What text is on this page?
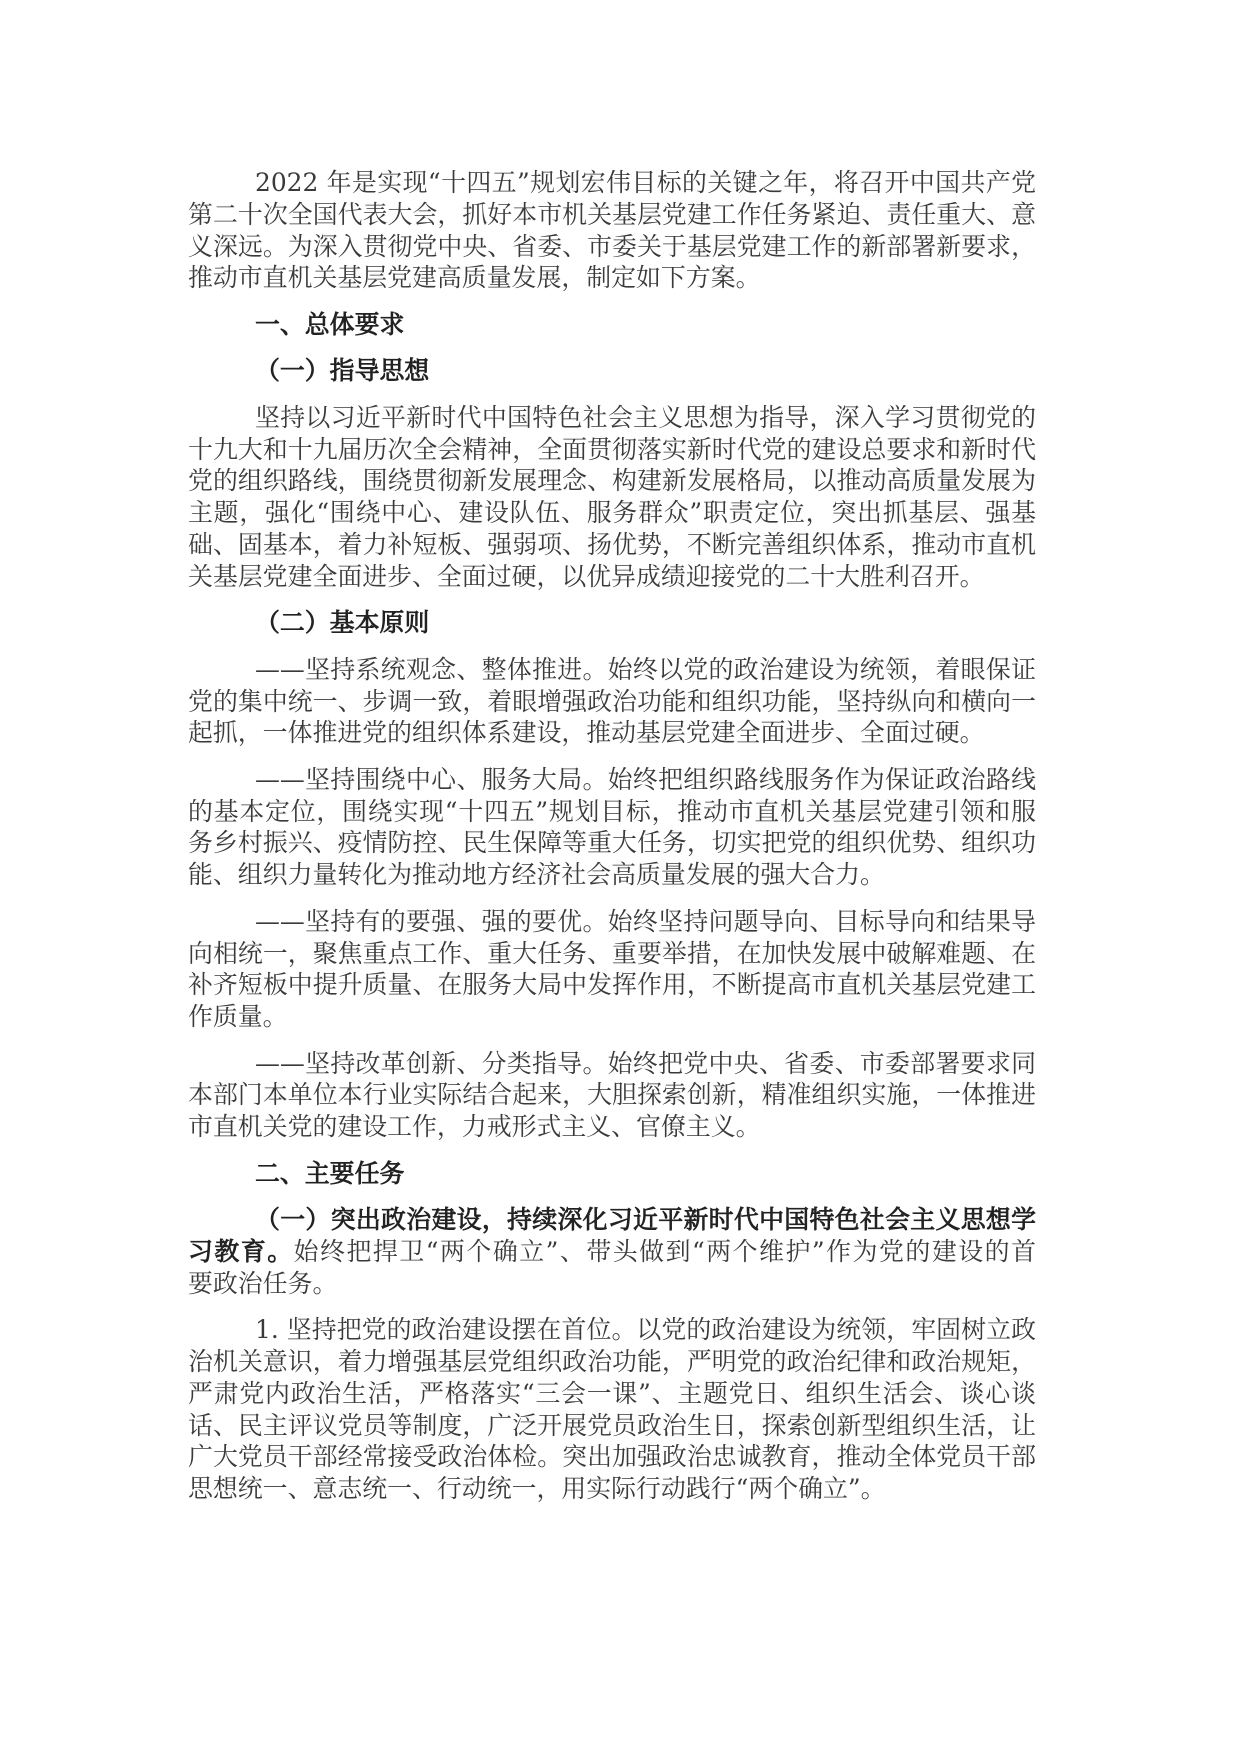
2022 年是实现“十四五”规划宏伟目标的关键之年，将召开中国共产党
第二十次全国代表大会，抓好本市机关基层党建工作任务紧迫、责任重大、意
义深远。为深入贯彻党中央、省委、市委关于基层党建工作的新部署新要求，
推动市直机关基层党建高质量发展，制定如下方案。
一、总体要求
（一）指导思想
坚持以习近平新时代中国特色社会主义思想为指导，深入学习贯彻党的
十九大和十九届历次全会精神，全面贯彻落实新时代党的建设总要求和新时代
党的组织路线，围绕贯彻新发展理念、构建新发展格局，以推动高质量发展为
主题，强化“围绕中心、建设队伍、服务群众”职责定位，突出抓基层、强基
础、固基本，着力补短板、强弱项、扬优势，不断完善组织体系，推动市直机
关基层党建全面进步、全面过硬，以优异成绩迎接党的二十大胜利召开。
（二）基本原则
——坚持系统观念、整体推进。始终以党的政治建设为统领，着眼保证
党的集中统一、步调一致，着眼增强政治功能和组织功能，坚持纵向和横向一
起抓，一体推进党的组织体系建设，推动基层党建全面进步、全面过硬。
——坚持围绕中心、服务大局。始终把组织路线服务作为保证政治路线
的基本定位，围绕实现“十四五”规划目标，推动市直机关基层党建引领和服
务乡村振兴、疫情防控、民生保障等重大任务，切实把党的组织优势、组织功
能、组织力量转化为推动地方经济社会高质量发展的强大合力。
——坚持有的要强、强的要优。始终坚持问题导向、目标导向和结果导
向相统一，聚焦重点工作、重大任务、重要举措，在加快发展中破解难题、在
补齐短板中提升质量、在服务大局中发挥作用，不断提高市直机关基层党建工
作质量。
——坚持改革创新、分类指导。始终把党中央、省委、市委部署要求同
本部门本单位本行业实际结合起来，大胆探索创新，精准组织实施，一体推进
市直机关党的建设工作，力戒形式主义、官僚主义。
二、主要任务
（一）突出政治建设，持续深化习近平新时代中国特色社会主义思想学
习教育。始终把捍卫“两个确立”、带头做到“两个维护”作为党的建设的首
要政治任务。
1. 坚持把党的政治建设摆在首位。以党的政治建设为统领，牢固树立政
治机关意识，着力增强基层党组织政治功能，严明党的政治纪律和政治规矩，
严肃党内政治生活，严格落实“三会一课”、主题党日、组织生活会、谈心谈
话、民主评议党员等制度，广泛开展党员政治生日，探索创新型组织生活，让
广大党员干部经常接受政治体检。突出加强政治忠诚教育，推动全体党员干部
思想统一、意志统一、行动统一，用实际行动践行“两个确立”。
